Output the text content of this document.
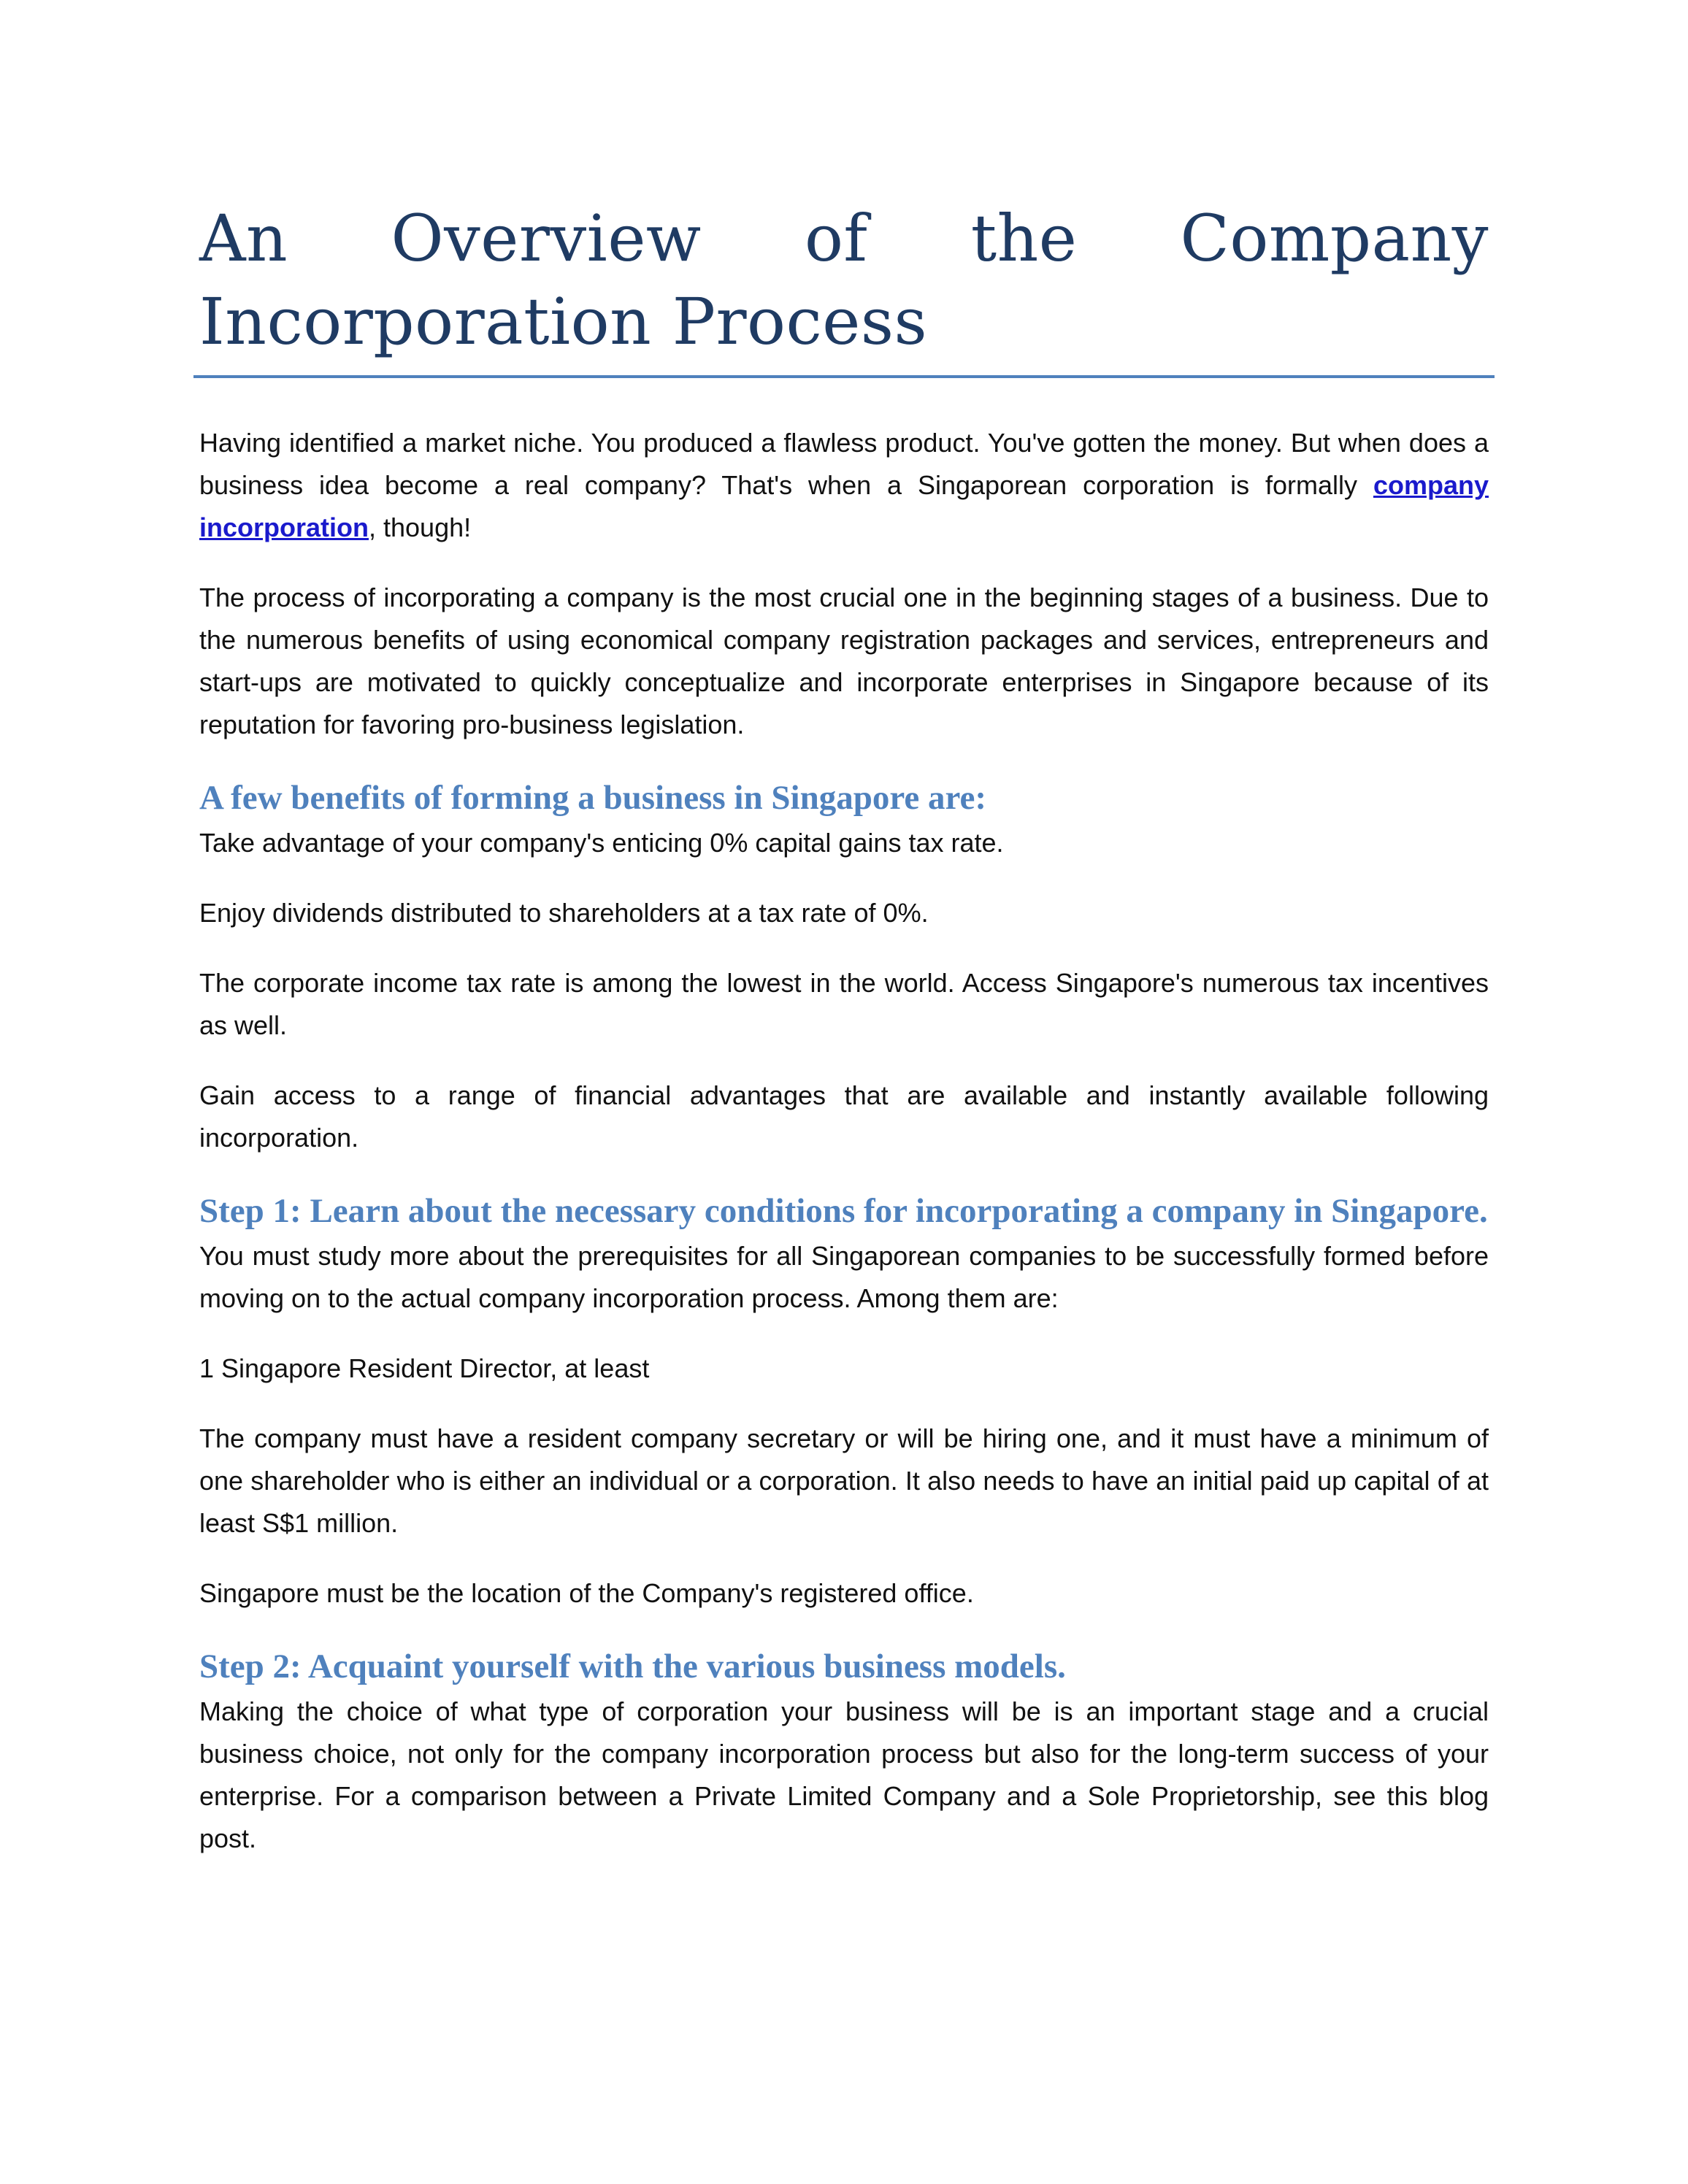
An Overview of the Company Incorporation Process

Having identified a market niche. You produced a flawless product. You've gotten the money. But when does a business idea become a real company? That's when a Singaporean corporation is formally company incorporation, though!

The process of incorporating a company is the most crucial one in the beginning stages of a business. Due to the numerous benefits of using economical company registration packages and services, entrepreneurs and start-ups are motivated to quickly conceptualize and incorporate enterprises in Singapore because of its reputation for favoring pro-business legislation.

A few benefits of forming a business in Singapore are:

Take advantage of your company's enticing 0% capital gains tax rate.

Enjoy dividends distributed to shareholders at a tax rate of 0%.

The corporate income tax rate is among the lowest in the world. Access Singapore's numerous tax incentives as well.

Gain access to a range of financial advantages that are available and instantly available following incorporation.

Step 1: Learn about the necessary conditions for incorporating a company in Singapore.

You must study more about the prerequisites for all Singaporean companies to be successfully formed before moving on to the actual company incorporation process. Among them are:

1 Singapore Resident Director, at least

The company must have a resident company secretary or will be hiring one, and it must have a minimum of one shareholder who is either an individual or a corporation. It also needs to have an initial paid up capital of at least S$1 million.

Singapore must be the location of the Company's registered office.

Step 2: Acquaint yourself with the various business models.

Making the choice of what type of corporation your business will be is an important stage and a crucial business choice, not only for the company incorporation process but also for the long-term success of your enterprise. For a comparison between a Private Limited Company and a Sole Proprietorship, see this blog post.
